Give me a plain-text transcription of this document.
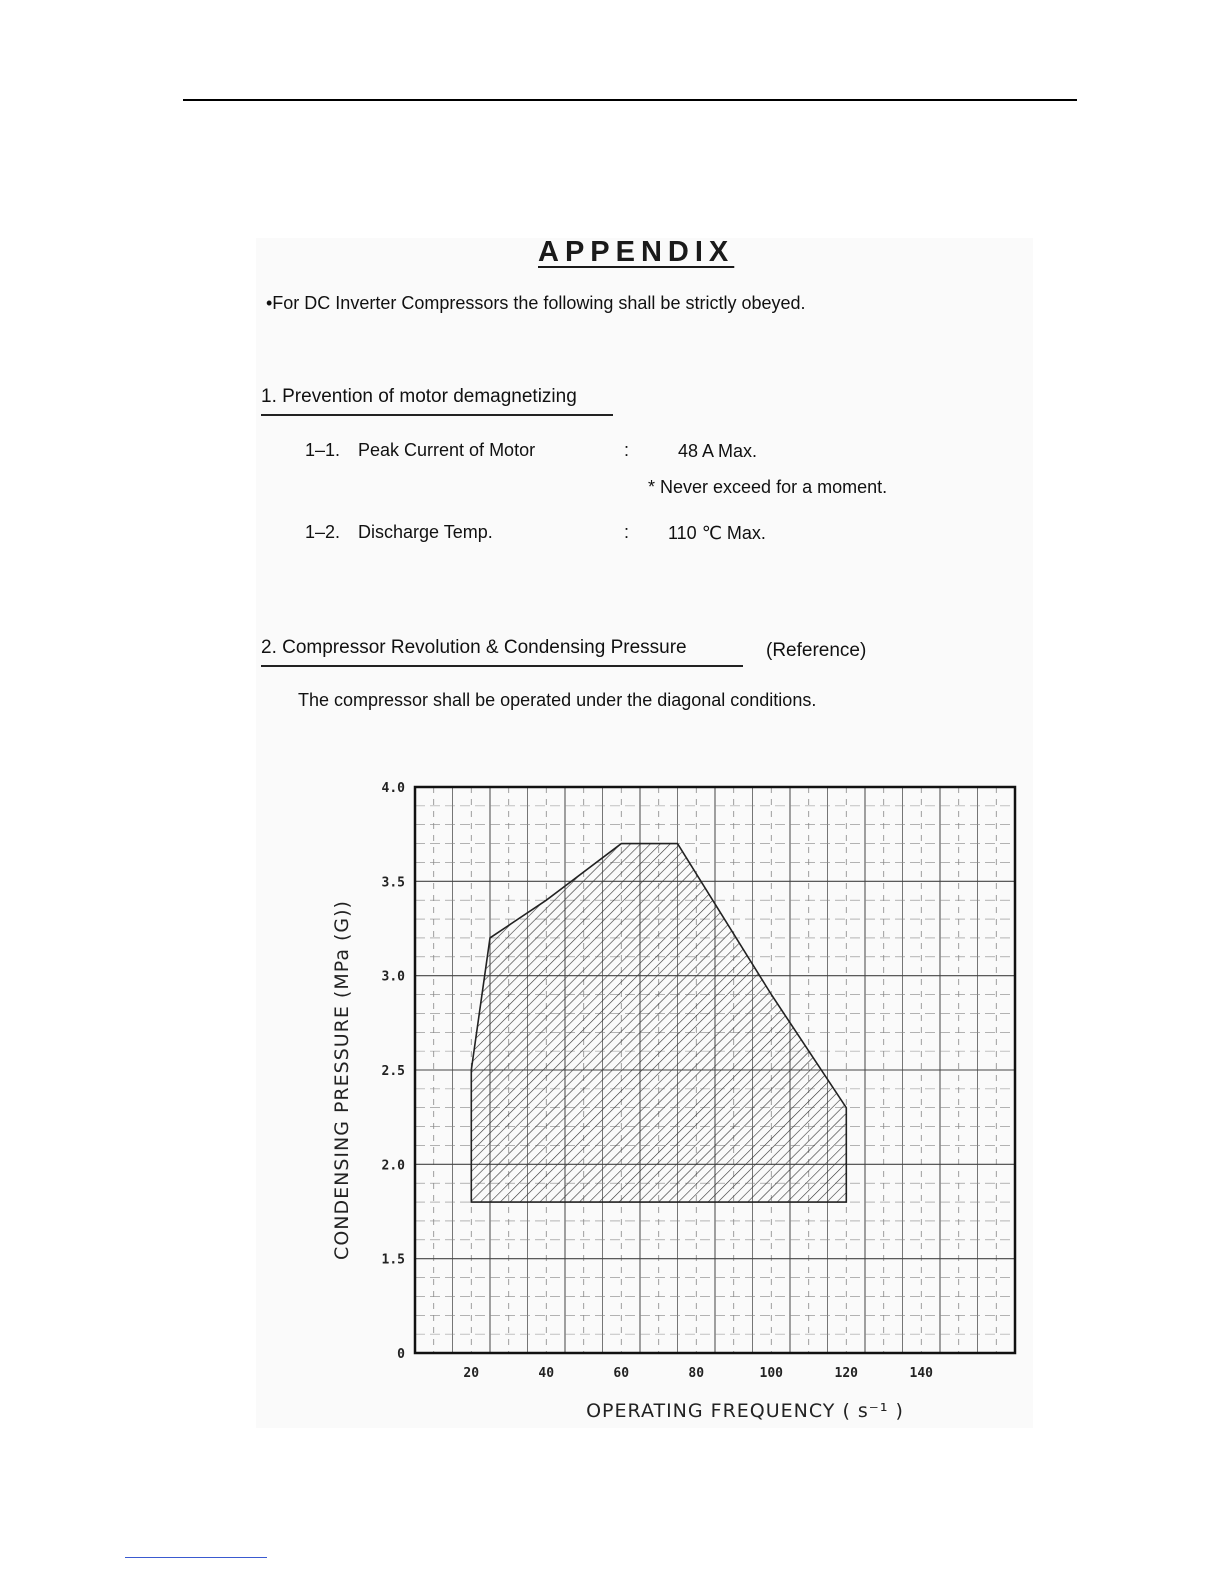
APPENDIX
•For DC Inverter Compressors the following shall be strictly obeyed.
1. Prevention of motor demagnetizing
1–1. Peak Current of Motor	:	48 A Max.
* Never exceed for a moment.
1–2. Discharge Temp.	: 110 ℃ Max.
2. Compressor Revolution & Condensing Pressure	(Reference)
The compressor shall be operated under the diagonal conditions.
0
1.5
2.0
2.5
3.0
3.5
4.0
20	40	60	80	100	120	140
CONDENSING PRESSURE (MPa (G))
OPERATING FREQUENCY ( s⁻¹ )
